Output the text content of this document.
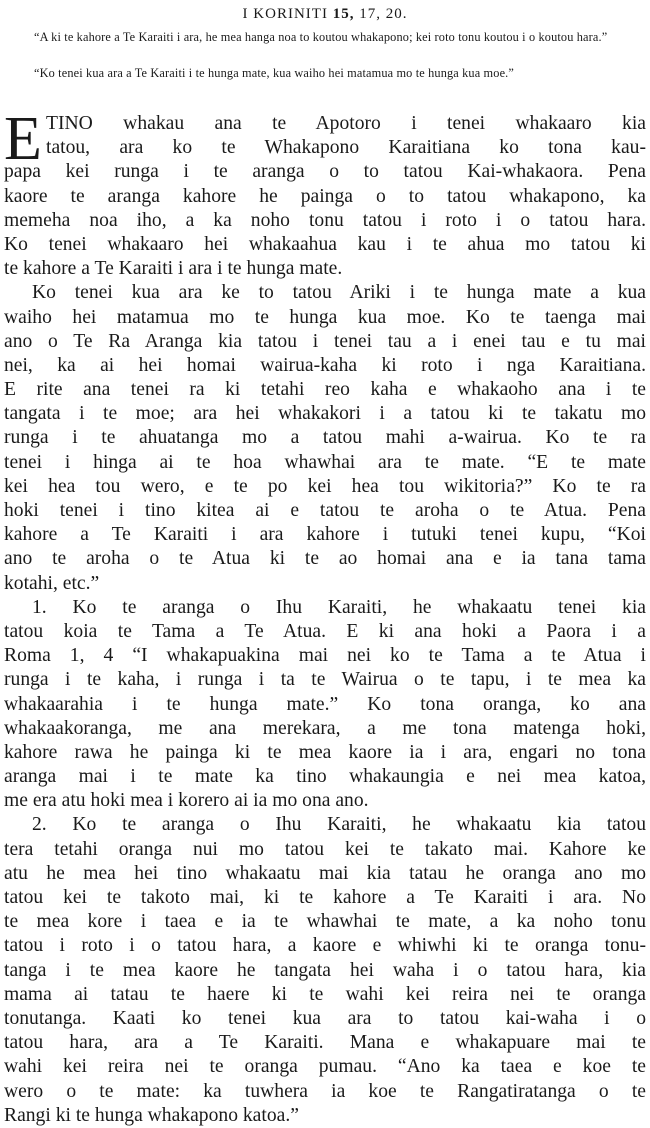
I KORINITI 15, 17, 20.
“A ki te kahore a Te Karaiti i ara, he mea hanga noa to koutou whakapono; kei roto tonu koutou i o koutou hara.”
“Ko tenei kua ara a Te Karaiti i te hunga mate, kua waiho hei matamua mo te hunga kua moe.”
E TINO whakau ana te Apotoro i tenei whakaaro kia
tatou, ara ko te Whakapono Karaitiana ko tona kau-
papa kei runga i te aranga o to tatou Kai-whakaora. Pena
kaore te aranga kahore he painga o to tatou whakapono, ka
memeha noa iho, a ka noho tonu tatou i roto i o tatou hara.
Ko tenei whakaaro hei whakaahua kau i te ahua mo tatou ki
te kahore a Te Karaiti i ara i te hunga mate.
Ko tenei kua ara ke to tatou Ariki i te hunga mate a kua
waiho hei matamua mo te hunga kua moe. Ko te taenga mai
ano o Te Ra Aranga kia tatou i tenei tau a i enei tau e tu mai
nei, ka ai hei homai wairua-kaha ki roto i nga Karaitiana.
E rite ana tenei ra ki tetahi reo kaha e whakaoho ana i te
tangata i te moe; ara hei whakakori i a tatou ki te takatu mo
runga i te ahuatanga mo a tatou mahi a-wairua. Ko te ra
tenei i hinga ai te hoa whawhai ara te mate. “E te mate
kei hea tou wero, e te po kei hea tou wikitoria?” Ko te ra
hoki tenei i tino kitea ai e tatou te aroha o te Atua. Pena
kahore a Te Karaiti i ara kahore i tutuki tenei kupu, “Koi
ano te aroha o te Atua ki te ao homai ana e ia tana tama
kotahi, etc.”
1. Ko te aranga o Ihu Karaiti, he whakaatu tenei kia
tatou koia te Tama a Te Atua. E ki ana hoki a Paora i a
Roma 1, 4 “I whakapuakina mai nei ko te Tama a te Atua i
runga i te kaha, i runga i ta te Wairua o te tapu, i te mea ka
whakaarahia i te hunga mate.” Ko tona oranga, ko ana
whakaakoranga, me ana merekara, a me tona matenga hoki,
kahore rawa he painga ki te mea kaore ia i ara, engari no tona
aranga mai i te mate ka tino whakaungia e nei mea katoa,
me era atu hoki mea i korero ai ia mo ona ano.
2. Ko te aranga o Ihu Karaiti, he whakaatu kia tatou
tera tetahi oranga nui mo tatou kei te takato mai. Kahore ke
atu he mea hei tino whakaatu mai kia tatau he oranga ano mo
tatou kei te takoto mai, ki te kahore a Te Karaiti i ara. No
te mea kore i taea e ia te whawhai te mate, a ka noho tonu
tatou i roto i o tatou hara, a kaore e whiwhi ki te oranga tonu-
tanga i te mea kaore he tangata hei waha i o tatou hara, kia
mama ai tatau te haere ki te wahi kei reira nei te oranga
tonutanga. Kaati ko tenei kua ara to tatou kai-waha i o
tatou hara, ara a Te Karaiti. Mana e whakapuare mai te
wahi kei reira nei te oranga pumau. “Ano ka taea e koe te
wero o te mate: ka tuwhera ia koe te Rangatiratanga o te
Rangi ki te hunga whakapono katoa.”
